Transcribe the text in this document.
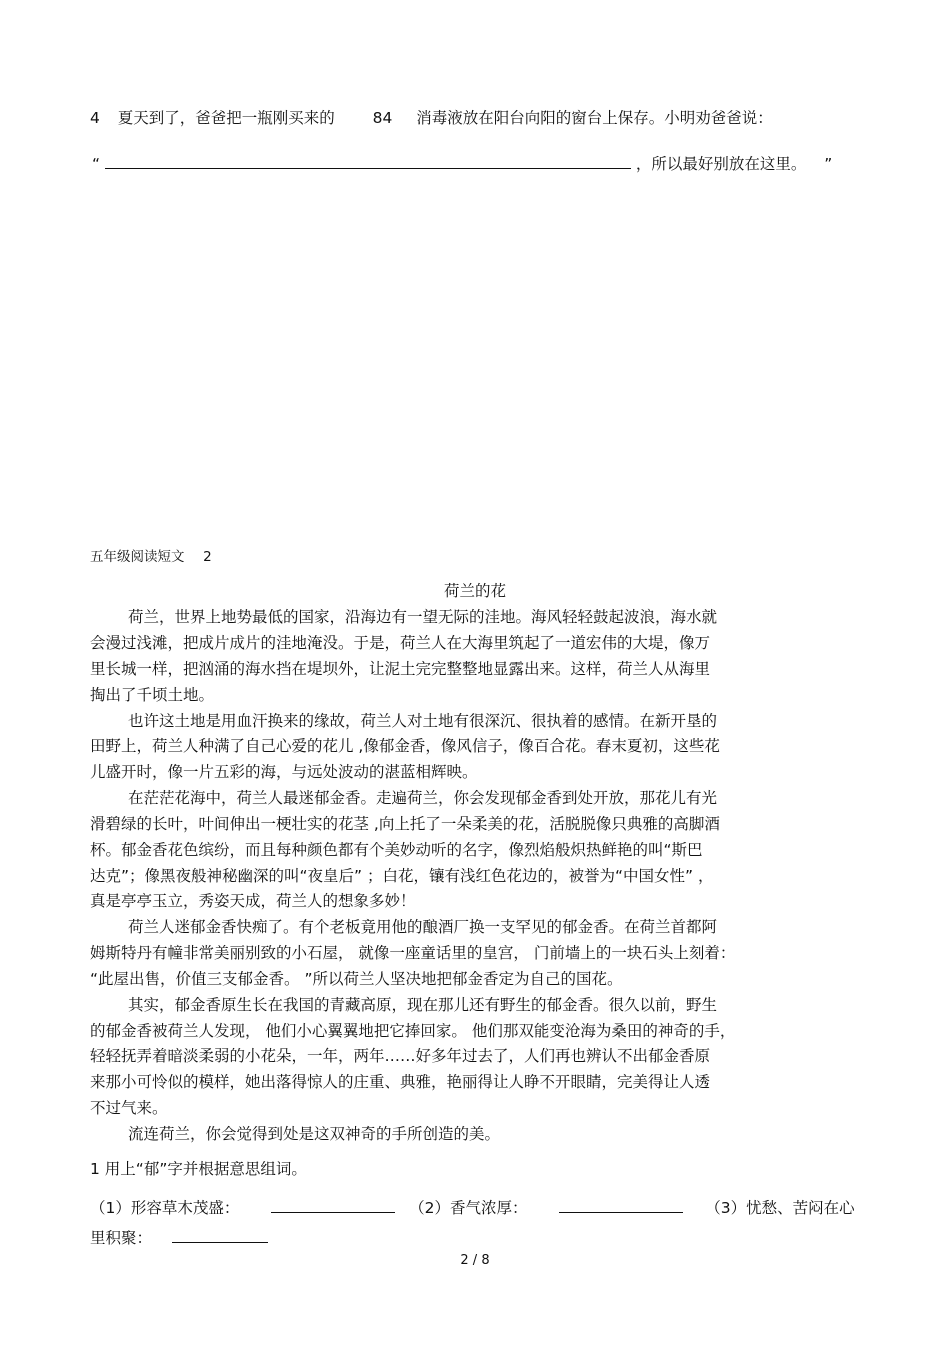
4 夏天到了，爸爸把一瓶刚买来的 84 消毒液放在阳台向阳的窗台上保存。小明劝爸爸说：
“	，所以最好别放在这里。 ”
五年级阅读短文 2
荷兰的花
荷兰，世界上地势最低的国家，沿海边有一望无际的洼地。海风轻轻鼓起波浪，海水就
会漫过浅滩，把成片成片的洼地淹没。于是，荷兰人在大海里筑起了一道宏伟的大堤，像万
里长城一样，把汹涌的海水挡在堤坝外，让泥土完完整整地显露出来。这样，荷兰人从海里
掏出了千顷土地。
也许这土地是用血汗换来的缘故，荷兰人对土地有很深沉、很执着的感情。在新开垦的
田野上，荷兰人种满了自己心爱的花儿 ,像郁金香，像风信子，像百合花。春末夏初，这些花
儿盛开时，像一片五彩的海，与远处波动的湛蓝相辉映。
在茫茫花海中，荷兰人最迷郁金香。走遍荷兰，你会发现郁金香到处开放，那花儿有光
滑碧绿的长叶，叶间伸出一梗壮实的花茎 ,向上托了一朵柔美的花，活脱脱像只典雅的高脚酒
杯。郁金香花色缤纷，而且每种颜色都有个美妙动听的名字，像烈焰般炽热鲜艳的叫“斯巴
达克”；像黑夜般神秘幽深的叫“夜皇后” ；白花，镶有浅红色花边的，被誉为“中国女性” ，
真是亭亭玉立，秀姿天成，荷兰人的想象多妙！
荷兰人迷郁金香快痴了。有个老板竟用他的酿酒厂换一支罕见的郁金香。在荷兰首都阿
姆斯特丹有幢非常美丽别致的小石屋， 就像一座童话里的皇宫， 门前墙上的一块石头上刻着：
“此屋出售，价值三支郁金香。 ”所以荷兰人坚决地把郁金香定为自己的国花。
其实，郁金香原生长在我国的青藏高原，现在那儿还有野生的郁金香。很久以前，野生
的郁金香被荷兰人发现， 他们小心翼翼地把它捧回家。 他们那双能变沧海为桑田的神奇的手，
轻轻抚弄着暗淡柔弱的小花朵，一年，两年……好多年过去了，人们再也辨认不出郁金香原
来那小可怜似的模样，她出落得惊人的庄重、典雅，艳丽得让人睁不开眼睛，完美得让人透
不过气来。
流连荷兰，你会觉得到处是这双神奇的手所创造的美。
1 用上“郁”字并根据意思组词。
（1）形容草木茂盛：	（2）香气浓厚：	（3）忧愁、苦闷在心
里积聚：
2 / 8
